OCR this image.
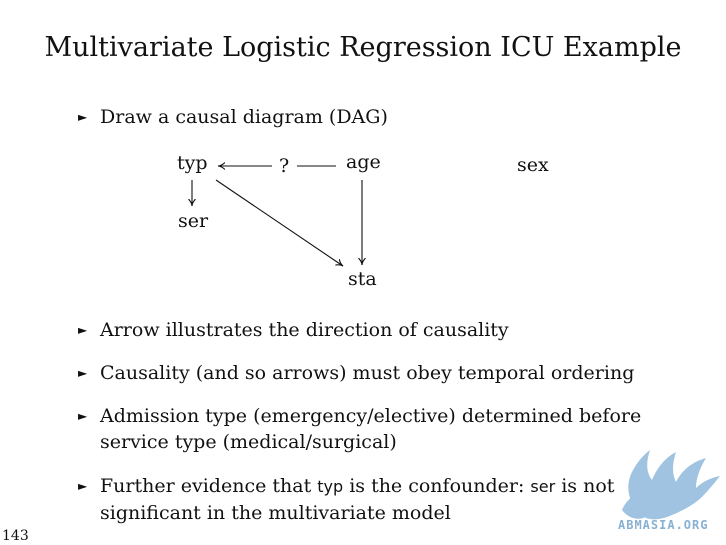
Multivariate Logistic Regression ICU Example
► Draw a causal diagram (DAG)
typ	?	age	sex
ser
sta
► Arrow illustrates the direction of causality
► Causality (and so arrows) must obey temporal ordering
► Admission type (emergency/elective) determined before
service type (medical/surgical)
► Further evidence that typ is the confounder: ser is not
significant in the multivariate model
ABMASIA.ORG
143
